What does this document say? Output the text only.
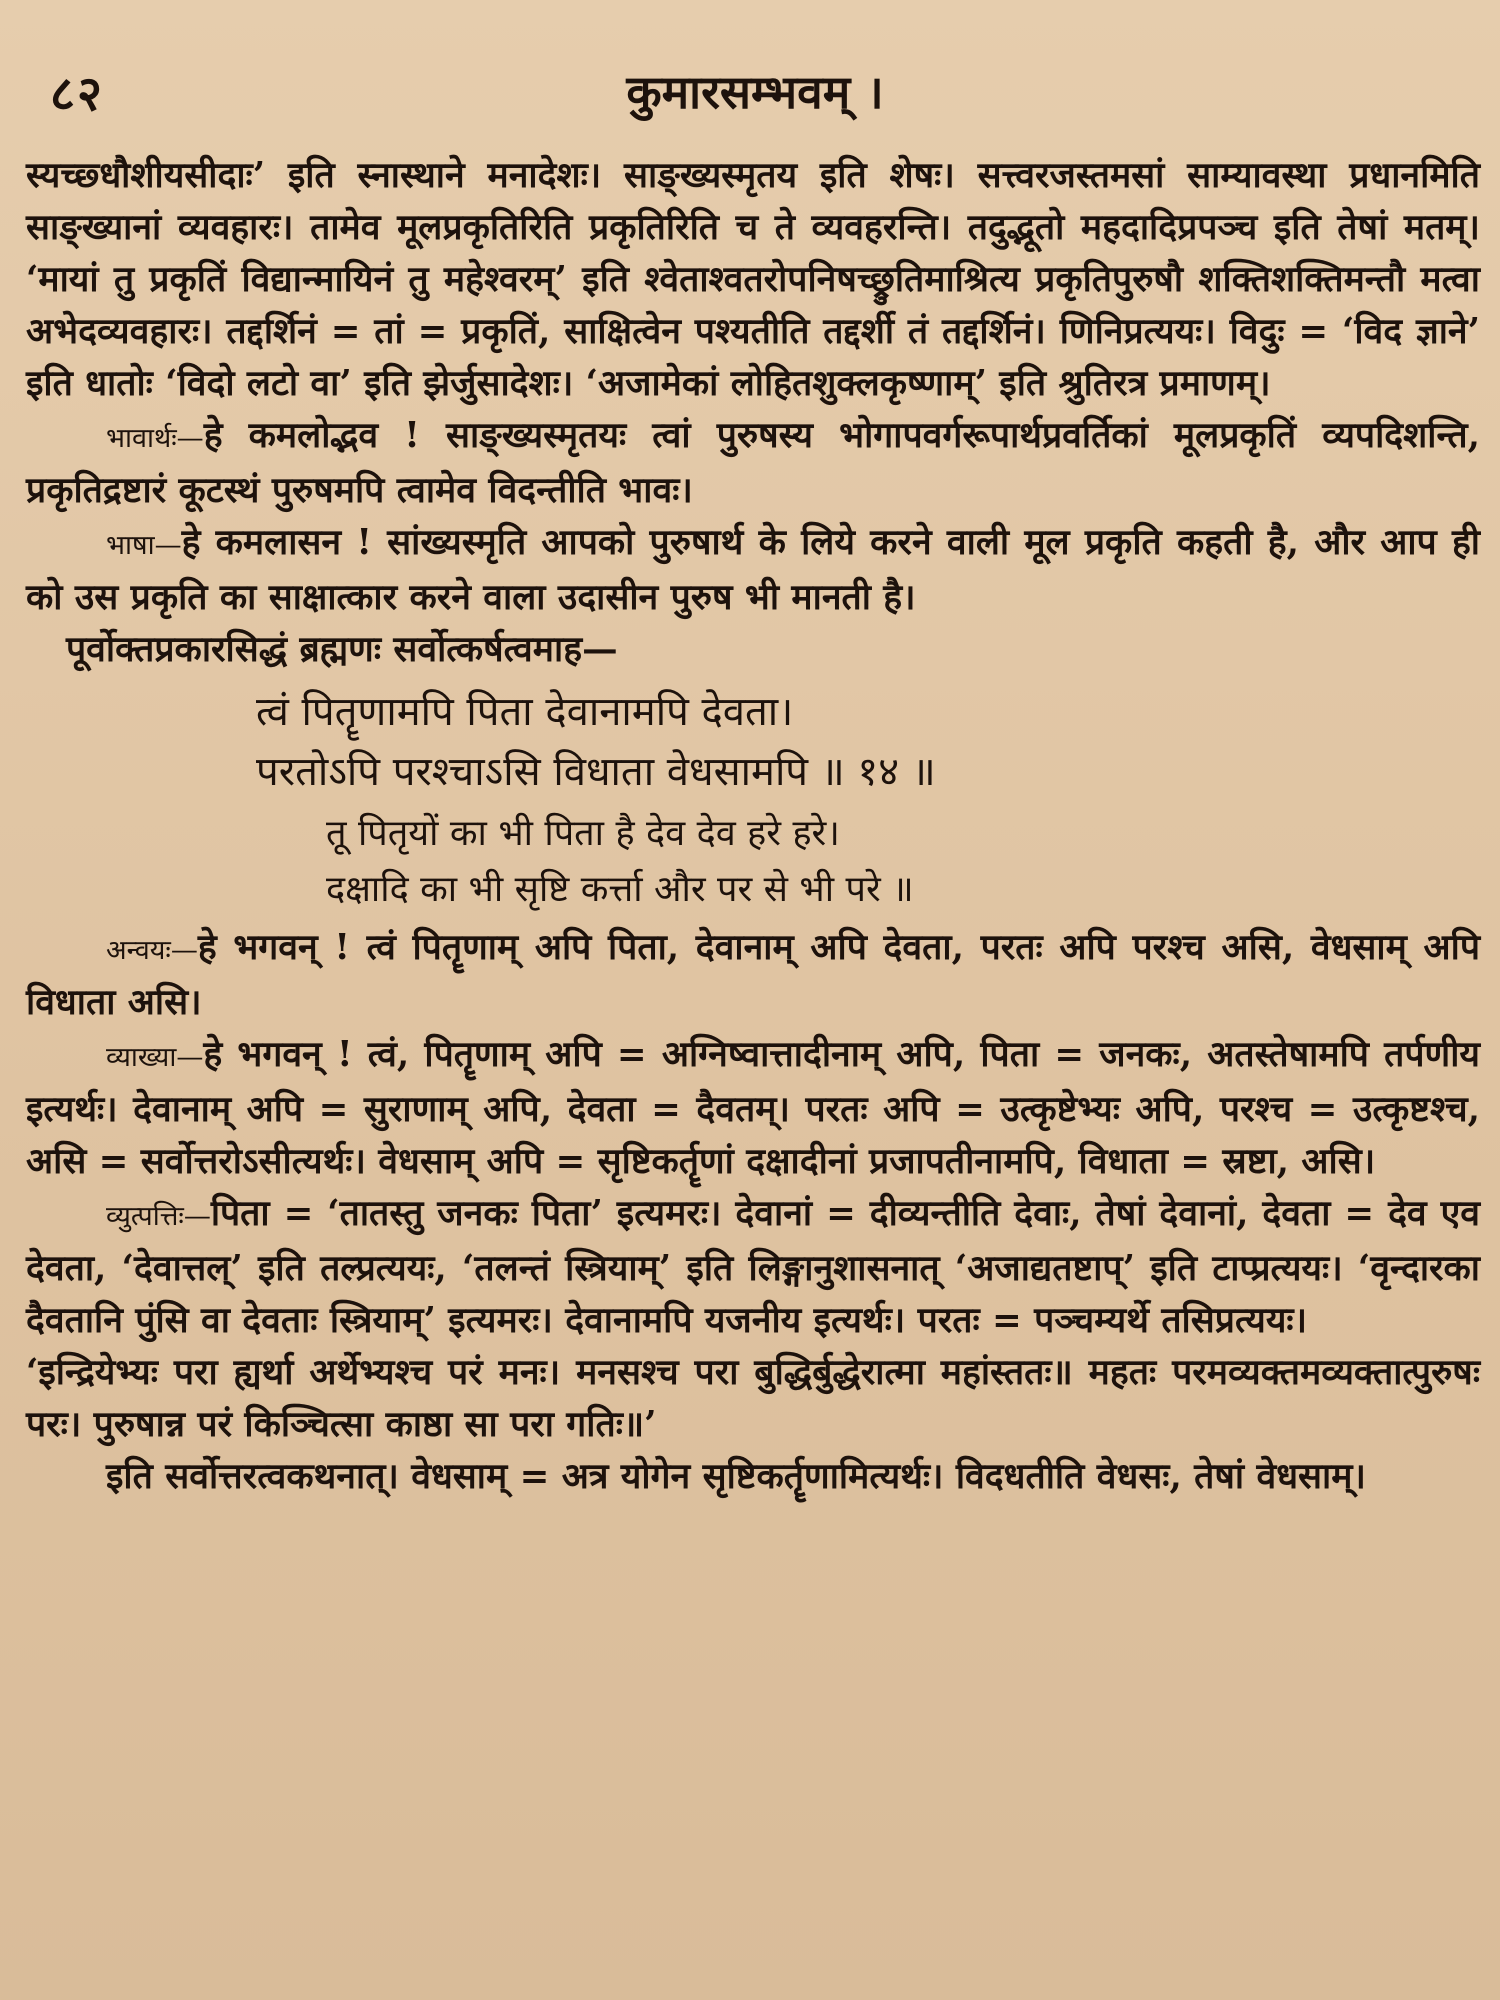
८२	कुमारसम्भवम् ।

स्यच्छ्धौशीयसीदाः’ इति स्नास्थाने मनादेशः। साङ्ख्यस्मृतय इति शेषः। सत्त्वरजस्तमसां साम्यावस्था प्रधानमिति साङ्ख्यानां व्यवहारः। तामेव मूलप्रकृतिरिति प्रकृतिरिति च ते व्यवहरन्ति। तदुद्भूतो महदादिप्रपञ्च इति तेषां मतम्। ‘मायां तु प्रकृतिं विद्यान्मायिनं तु महेश्वरम्’ इति श्वेताश्वतरोपनिषच्छ्रुतिमाश्रित्य प्रकृतिपुरुषौ शक्तिशक्तिमन्तौ मत्वा अभेदव्यवहारः। तद्दर्शिनं = तां = प्रकृतिं, साक्षित्वेन पश्यतीति तद्दर्शी तं तद्दर्शिनं। णिनिप्रत्ययः। विदुः = ‘विद ज्ञाने’ इति धातोः ‘विदो लटो वा’ इति झेर्जुसादेशः। ‘अजामेकां लोहितशुक्लकृष्णाम्’ इति श्रुतिरत्र प्रमाणम्।

भावार्थः—हे कमलोद्भव ! साङ्ख्यस्मृतयः त्वां पुरुषस्य भोगापवर्गरूपार्थप्रवर्तिकां मूलप्रकृतिं व्यपदिशन्ति, प्रकृतिद्रष्टारं कूटस्थं पुरुषमपि त्वामेव विदन्तीति भावः।

भाषा—हे कमलासन ! सांख्यस्मृति आपको पुरुषार्थ के लिये करने वाली मूल प्रकृति कहती है, और आप ही को उस प्रकृति का साक्षात्कार करने वाला उदासीन पुरुष भी मानती है।

पूर्वोक्तप्रकारसिद्धं ब्रह्मणः सर्वोत्कर्षत्वमाह—

त्वं पितॄणामपि पिता देवानामपि देवता।

परतोऽपि परश्चाऽसि विधाता वेधसामपि ॥ १४ ॥

तू पितृयों का भी पिता है देव देव हरे हरे।

दक्षादि का भी सृष्टि कर्त्ता और पर से भी परे ॥

अन्वयः—हे भगवन् ! त्वं पितॄणाम् अपि पिता, देवानाम् अपि देवता, परतः अपि परश्च असि, वेधसाम् अपि विधाता असि।

व्याख्या—हे भगवन् ! त्वं, पितॄणाम् अपि = अग्निष्वात्तादीनाम् अपि, पिता = जनकः, अतस्तेषामपि तर्पणीय इत्यर्थः। देवानाम् अपि = सुराणाम् अपि, देवता = दैवतम्। परतः अपि = उत्कृष्टेभ्यः अपि, परश्च = उत्कृष्टश्च, असि = सर्वोत्तरोऽसीत्यर्थः। वेधसाम् अपि = सृष्टिकर्तॄणां दक्षादीनां प्रजापतीनामपि, विधाता = स्रष्टा, असि।

व्युत्पत्तिः—पिता = ‘तातस्तु जनकः पिता’ इत्यमरः। देवानां = दीव्यन्तीति देवाः, तेषां देवानां, देवता = देव एव देवता, ‘देवात्तल्’ इति तल्प्रत्ययः, ‘तलन्तं स्त्रियाम्’ इति लिङ्गानुशासनात् ‘अजाद्यतष्टाप्’ इति टाप्प्रत्ययः। ‘वृन्दारका दैवतानि पुंसि वा देवताः स्त्रियाम्’ इत्यमरः। देवानामपि यजनीय इत्यर्थः। परतः = पञ्चम्यर्थे तसिप्रत्ययः।

‘इन्द्रियेभ्यः परा ह्यर्था अर्थेभ्यश्च परं मनः। मनसश्च परा बुद्धिर्बुद्धेरात्मा महांस्ततः॥ महतः परमव्यक्तमव्यक्तात्पुरुषः परः। पुरुषान्न परं किञ्चित्सा काष्ठा सा परा गतिः॥’

इति सर्वोत्तरत्वकथनात्। वेधसाम् = अत्र योगेन सृष्टिकर्तॄणामित्यर्थः। विदधतीति वेधसः, तेषां वेधसाम्।
